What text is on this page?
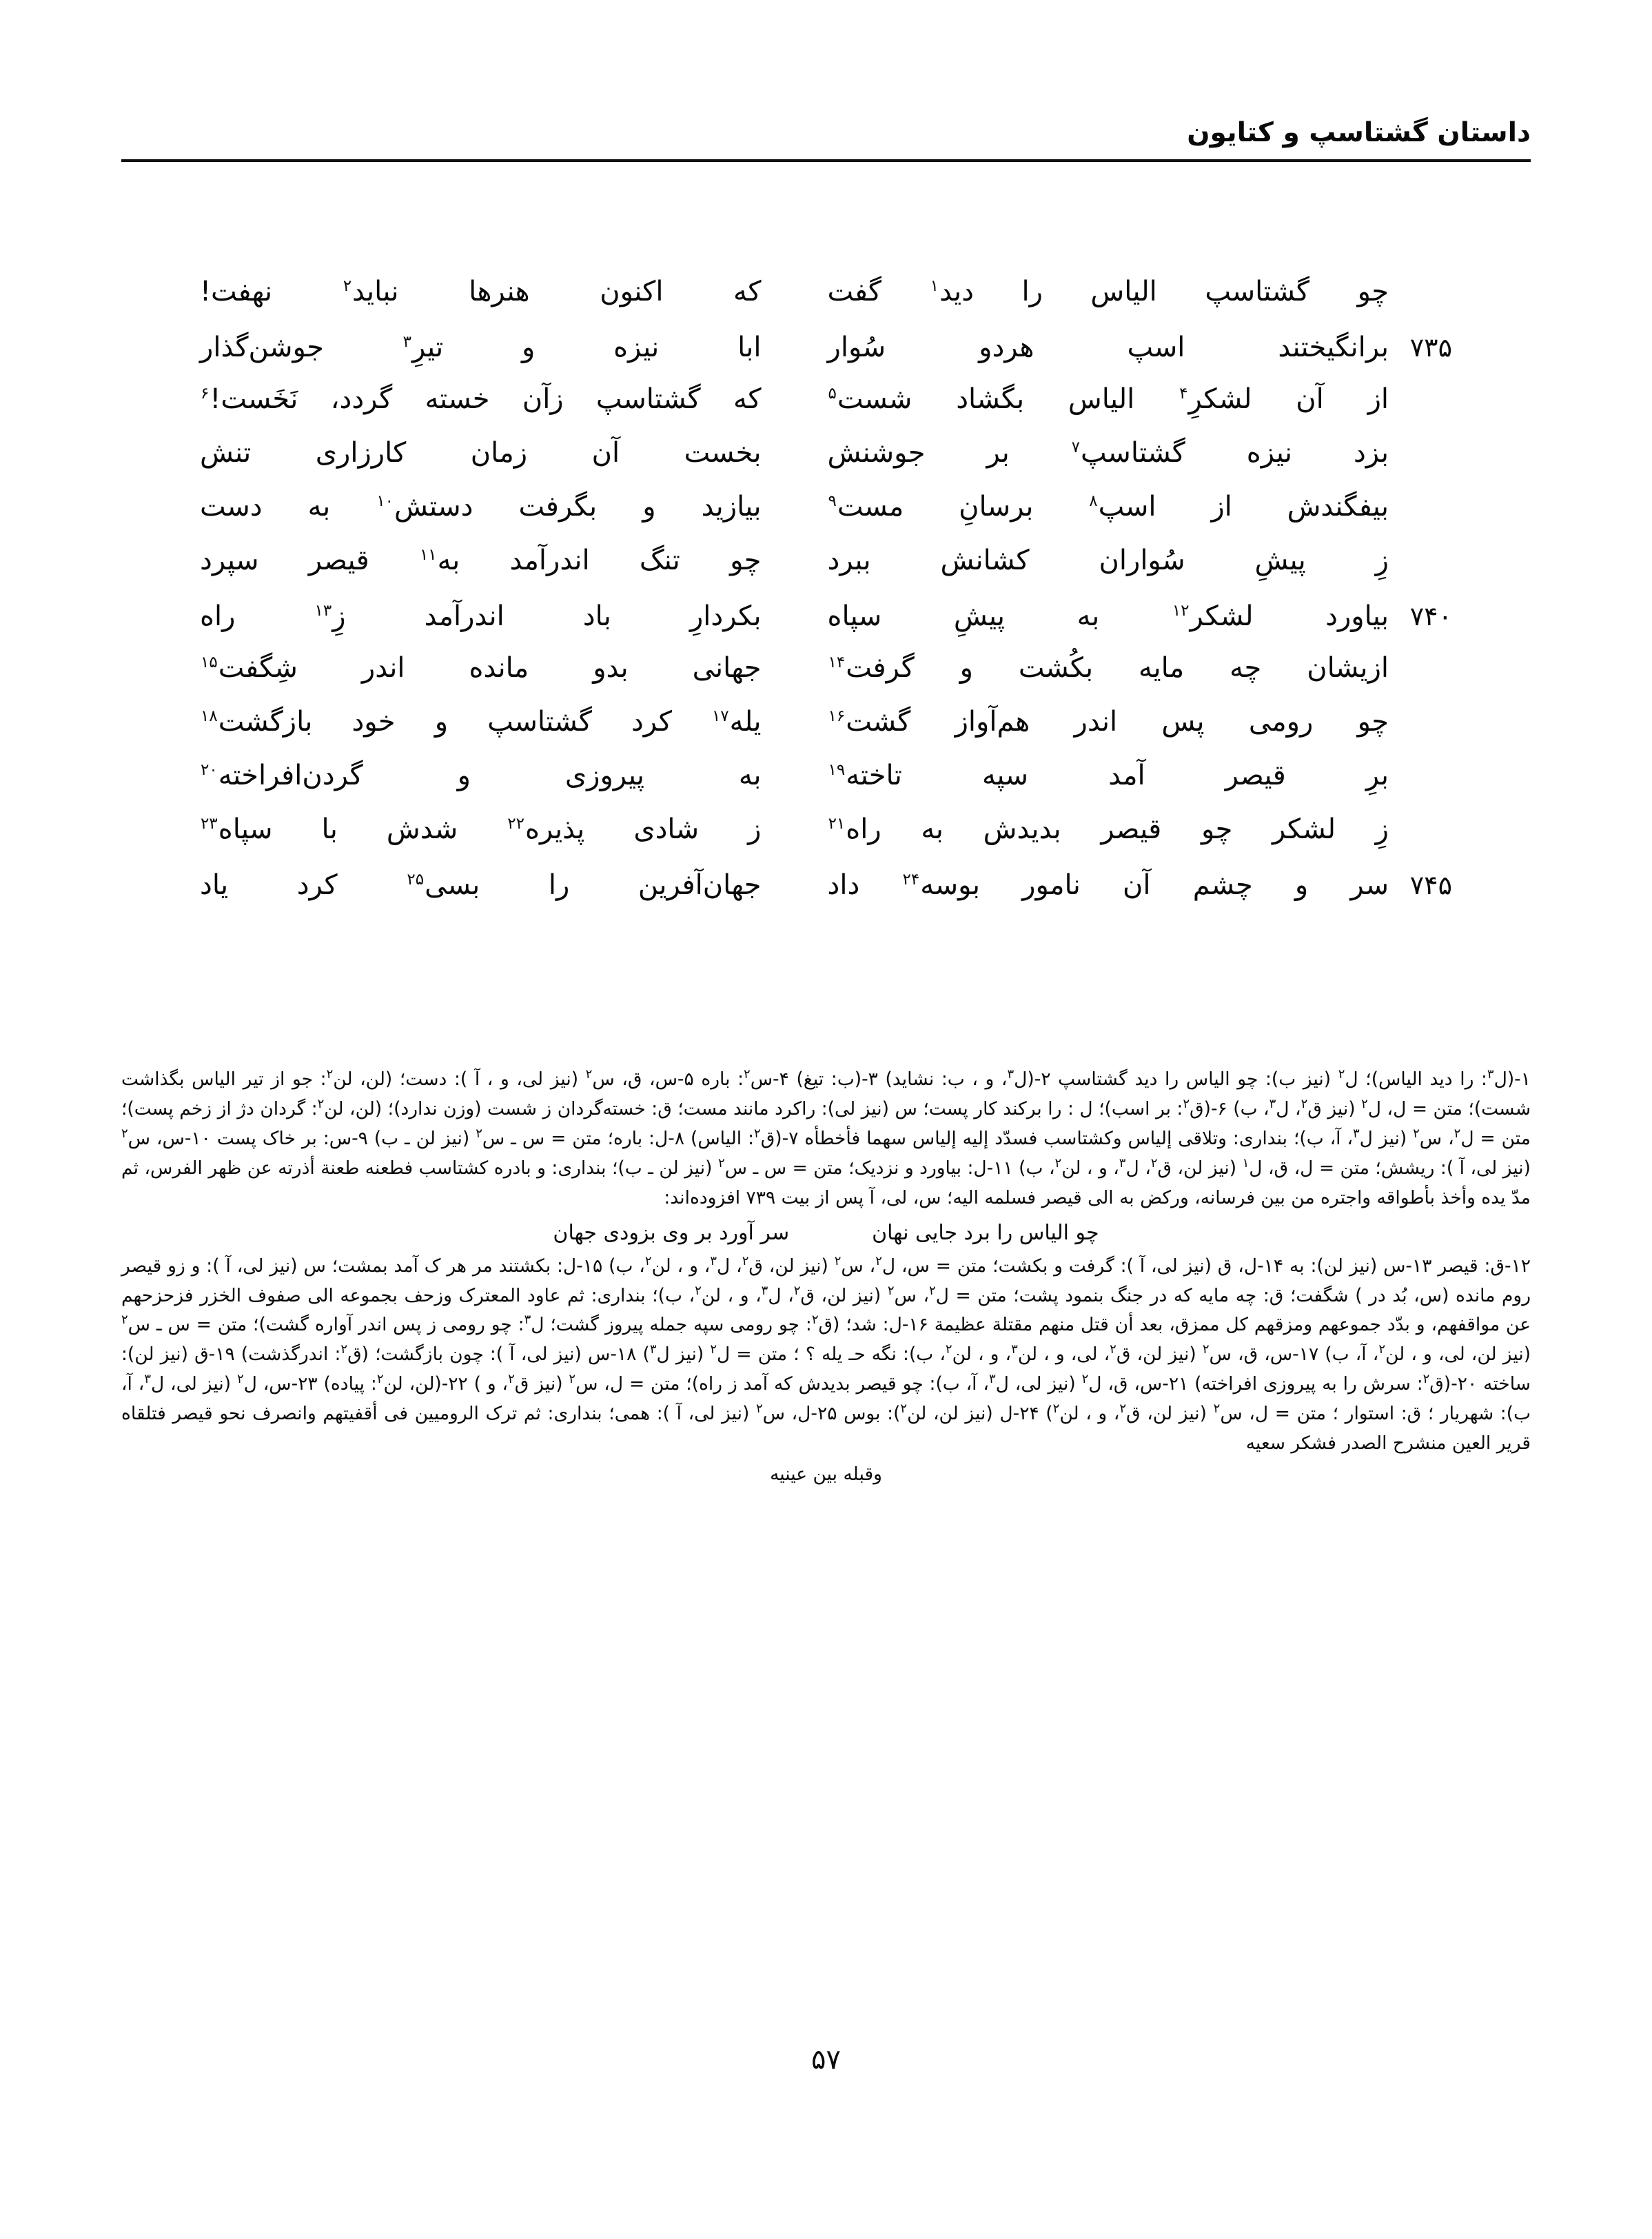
داستان گشتاسپ و کتایون
چو
گشتاسپ
الیاس
را
دید$^۱$
گفت
که
اکنون
هنرها
نباید$^۲$
نهفت!
۷۳۵
برانگیختند
اسپ
هردو
سُوار
ابا
نیزه
و
تیرِ$^۳$
جوشن‌گذار
از
آن
لشکرِ$^۴$
الیاس
بگشاد
شست$^۵$
که
گشتاسپ
زآن
خسته
گردد،
نَخَست!$^۶$
بزد
نیزه
گشتاسپ$^۷$
بر
جوشنش
بخست
آن
زمان
کارزاری
تنش
بیفگندش
از
اسپ$^۸$
برسانِ
مست$^۹$
بیازید
و
بگرفت
دستش$^{۱۰}$
به
دست
زِ
پیشِ
سُواران
کشانش
ببرد
چو
تنگ
اندرآمد
به$^{۱۱}$
قیصر
سپرد
۷۴۰
بیاورد
لشکر$^{۱۲}$
به
پیشِ
سپاه
بکردارِ
باد
اندرآمد
زِ$^{۱۳}$
راه
ازیشان
چه
مایه
بکُشت
و
گرفت$^{۱۴}$
جهانی
بدو
مانده
اندر
شِگفت$^{۱۵}$
چو
رومی
پس
اندر
هم‌آواز
گشت$^{۱۶}$
یله$^{۱۷}$
کرد
گشتاسپ
و
خود
بازگشت$^{۱۸}$
برِ
قیصر
آمد
سپه
تاخته$^{۱۹}$
به
پیروزی
و
گردن‌افراخته$^{۲۰}$
زِ
لشکر
چو
قیصر
بدیدش
به
راه$^{۲۱}$
ز
شادی
پذیره$^{۲۲}$
شدش
با
سپاه$^{۲۳}$
۷۴۵
سر
و
چشم
آن
نامور
بوسه$^{۲۴}$
داد
جهان‌آفرین
را
بسی$^{۲۵}$
کرد
یاد

۱-(ل$^۳$: را دید الیاس)؛ ل$^۲$ (نیز ب): چو الیاس را دید گشتاسپ ۲-(ل$^۳$، و ، ب: نشاید) ۳-(ب: تیغ) ۴-س$^۲$: باره ۵-س، ق، س$^۲$ (نیز لی، و ، آ ): دست؛ (لن، لن$^۲$: جو از تیر الیاس بگذاشت شست)؛ متن = ل، ل$^۲$ (نیز ق$^۲$، ل$^۳$، ب) ۶-(ق$^۲$: بر اسب)؛ ل : را برکند کار پست؛ س (نیز لی): راکرد مانند مست؛ ق: خسته‌گردان ز شست (وزن ندارد)؛ (لن، لن$^۲$: گردان دژ از زخم پست)؛ متن = ل$^۲$، س$^۲$ (نیز ل$^۳$، آ، ب)؛ بنداری: وتلاقی إلیاس وکشتاسب فسدّد إلیه إلیاس سهما فأخطأه ۷-(ق$^۲$: الیاس) ۸-ل: باره؛ متن = س ـ س$^۲$ (نیز لن ـ ب) ۹-س: بر خاک پست ۱۰-س، س$^۲$ (نیز لی، آ ): ریشش؛ متن = ل، ق، ل$^۱$ (نیز لن، ق$^۲$، ل$^۳$، و ، لن$^۲$، ب) ۱۱-ل: بیاورد و نزدیک؛ متن = س ـ س$^۲$ (نیز لن ـ ب)؛ بنداری: و بادره کشتاسب فطعنه طعنة أذرته عن ظهر الفرس، ثم مدّ یده وأخذ بأطواقه واجتره من بین فرسانه، ورکض به الی قیصر فسلمه الیه؛ س، لی، آ پس از بیت ۷۳۹ افزوده‌اند:

چو الیاس را برد جایی نهان
سر آورد بر وی بزودی جهان

۱۲-ق: قیصر ۱۳-س (نیز لن): به ۱۴-ل، ق (نیز لی، آ ): گرفت و بکشت؛ متن = س، ل$^۲$، س$^۲$ (نیز لن، ق$^۲$، ل$^۳$، و ، لن$^۲$، ب) ۱۵-ل: بکشتند مر هر ک آمد بمشت؛ س (نیز لی، آ ): و زو قیصر روم مانده (س، بُد در ) شگفت؛ ق: چه مایه که در جنگ بنمود پشت؛ متن = ل$^۲$، س$^۲$ (نیز لن، ق$^۲$، ل$^۳$، و ، لن$^۲$، ب)؛ بنداری: ثم عاود المعترک وزحف بجموعه الی صفوف الخزر فزحزحهم عن مواقفهم، و بدّد جموعهم ومزقهم کل ممزق، بعد أن قتل منهم مقتلة عظیمة ۱۶-ل: شد؛ (ق$^۲$: چو رومی سپه جمله پیروز گشت؛ ل$^۳$: چو رومی ز پس اندر آواره گشت)؛ متن = س ـ س$^۲$ (نیز لن، لی، و ، لن$^۲$، آ، ب) ۱۷-س، ق، س$^۲$ (نیز لن، ق$^۲$، لی، و ، لن$^۳$، و ، لن$^۲$، ب): نگه حـ یله ؟ ؛ متن = ل$^۲$ (نیز ل$^۳$) ۱۸-س (نیز لی، آ ): چون بازگشت؛ (ق$^۲$: اندرگذشت) ۱۹-ق (نیز لن): ساخته ۲۰-(ق$^۲$: سرش را به پیروزی افراخته) ۲۱-س، ق، ل$^۲$ (نیز لی، ل$^۳$، آ، ب): چو قیصر بدیدش که آمد ز راه)؛ متن = ل، س$^۲$ (نیز ق$^۲$، و ) ۲۲-(لن، لن$^۲$: پیاده) ۲۳-س، ل$^۲$ (نیز لی، ل$^۳$، آ، ب): شهریار ؛ ق: استوار ؛ متن = ل، س$^۲$ (نیز لن، ق$^۲$، و ، لن$^۲$) ۲۴-ل (نیز لن، لن$^۲$): بوس ۲۵-ل، س$^۲$ (نیز لی، آ ): همی؛ بنداری: ثم ترک الرومیین فی أقفیتهم وانصرف نحو قیصر فتلقاه قریر العین منشرح الصدر فشکر سعیه

وقبله بین عینیه

۵۷
